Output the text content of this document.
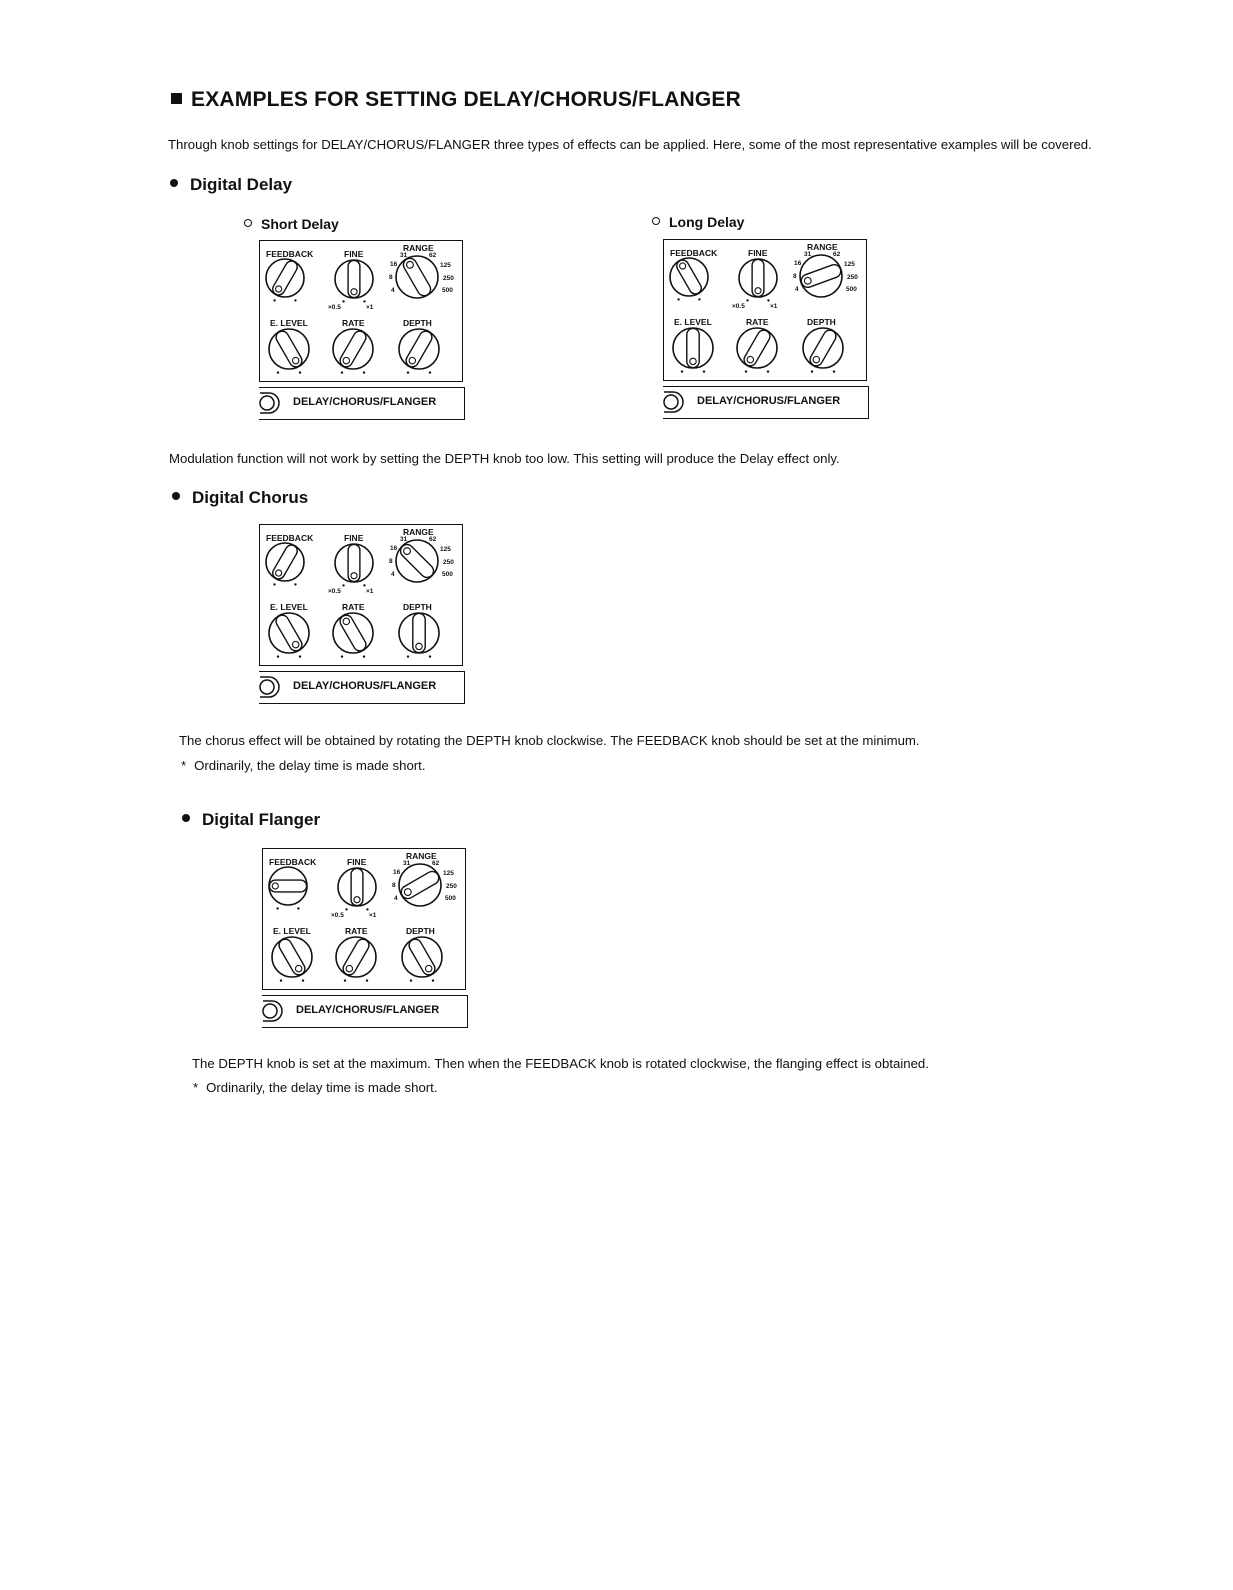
EXAMPLES FOR SETTING DELAY/CHORUS/FLANGER
Through knob settings for DELAY/CHORUS/FLANGER three types of effects can be applied. Here, some of the most representative examples will be covered.
Digital Delay
Short Delay	Long Delay
FEEDBACK	FINE
RANGE
31	62
16	125
8	250
4	500
×0.5	×1
E. LEVEL	RATE	DEPTH
DELAY/CHORUS/FLANGER
FEEDBACK	FINE
RANGE
31	62
16	125
8	250
4	500
×0.5	×1
E. LEVEL	RATE	DEPTH
DELAY/CHORUS/FLANGER
Modulation function will not work by setting the DEPTH knob too low. This setting will produce the Delay effect only.
Digital Chorus
FEEDBACK	FINE
RANGE
31	62
16	125
8	250
4	500
×0.5	×1
E. LEVEL	RATE	DEPTH
DELAY/CHORUS/FLANGER
The chorus effect will be obtained by rotating the DEPTH knob clockwise. The FEEDBACK knob should be set at the minimum.
* Ordinarily, the delay time is made short.
Digital Flanger
FEEDBACK	FINE
RANGE
31	62
16	125
8	250
4	500
×0.5	×1
E. LEVEL	RATE	DEPTH
DELAY/CHORUS/FLANGER
The DEPTH knob is set at the maximum. Then when the FEEDBACK knob is rotated clockwise, the flanging effect is obtained.
* Ordinarily, the delay time is made short.
